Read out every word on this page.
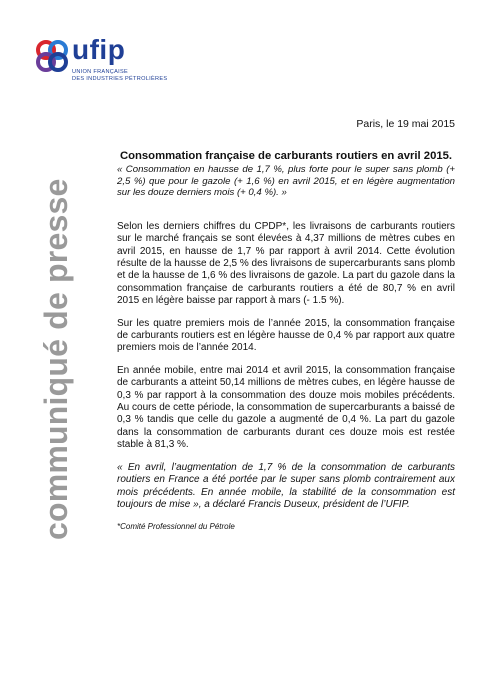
ufip
UNION FRANÇAISE
DES INDUSTRIES PÉTROLIÈRES
communiqué de presse
Paris, le 19 mai 2015

Consommation française de carburants routiers en avril 2015.

« Consommation en hausse de 1,7 %, plus forte pour le super sans plomb (+ 2,5 %) que pour le gazole (+ 1,6 %) en avril 2015, et en légère augmentation sur les douze derniers mois (+ 0,4 %). »

Selon les derniers chiffres du CPDP*, les livraisons de carburants routiers sur le marché français se sont élevées à 4,37 millions de mètres cubes en avril 2015, en hausse de 1,7 % par rapport à avril 2014. Cette évolution résulte de la hausse de 2,5 % des livraisons de supercarburants sans plomb et de la hausse de 1,6 % des livraisons de gazole. La part du gazole dans la consommation française de carburants routiers a été de 80,7 % en avril 2015 en légère baisse par rapport à mars (- 1.5 %).

Sur les quatre premiers mois de l’année 2015, la consommation française de carburants routiers est en légère hausse de 0,4 % par rapport aux quatre premiers mois de l’année 2014.

En année mobile, entre mai 2014 et avril 2015, la consommation française de carburants a atteint 50,14 millions de mètres cubes, en légère hausse de 0,3 % par rapport à la consommation des douze mois mobiles précédents. Au cours de cette période, la consommation de supercarburants a baissé de 0,3 % tandis que celle du gazole a augmenté de 0,4 %. La part du gazole dans la consommation de carburants durant ces douze mois est restée stable à 81,3 %.

« En avril, l’augmentation de 1,7 % de la consommation de carburants routiers en France a été portée par le super sans plomb contrairement aux mois précédents. En année mobile, la stabilité de la consommation est toujours de mise », a déclaré Francis Duseux, président de l’UFIP.

*Comité Professionnel du Pétrole
